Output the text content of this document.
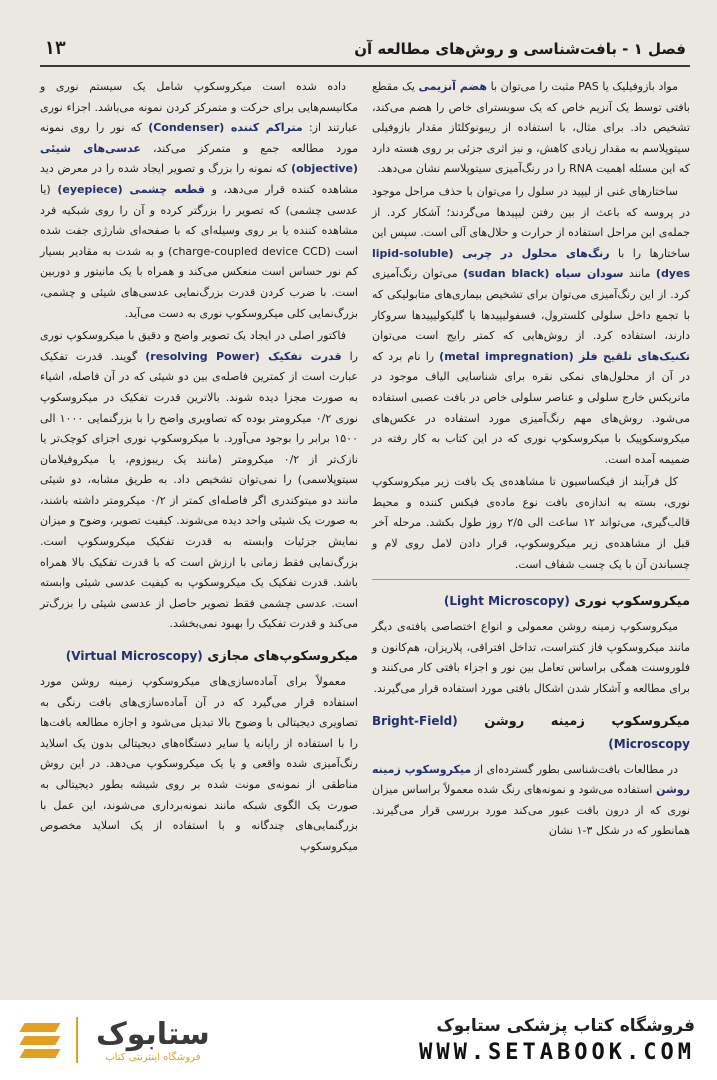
فصل ۱ - بافت‌شناسی و روش‌های مطالعه آن
۱۳

مواد بازوفیلیک یا PAS مثبت را می‌توان با هضم آنزیمی یک مقطع بافتی توسط یک آنزیم خاص که یک سوبسترای خاص را هضم می‌کند، تشخیص داد. برای مثال، با استفاده از ریبونوکلئاز مقدار بازوفیلی سیتوپلاسم به مقدار زیادی کاهش، و نیز اثری جزئی بر روی هسته دارد که این مسئله اهمیت RNA را در رنگ‌آمیزی سیتوپلاسم نشان می‌دهد.

ساختارهای غنی از لیپید در سلول را می‌توان با حذف مراحل موجود در پروسه که باعث از بین رفتن لیپیدها می‌گردند؛ آشکار کرد. از جمله‌ی این مراحل استفاده از حرارت و حلال‌های آلی است. سپس این ساختارها را با رنگ‌های محلول در چربی (lipid-soluble dyes) مانند سودان سیاه (sudan black) می‌توان رنگ‌آمیزی کرد. از این رنگ‌آمیزی می‌توان برای تشخیص بیماری‌های متابولیکی که با تجمع داخل سلولی کلسترول، فسفولیپیدها یا گلیکولیپیدها سروکار دارند، استفاده کرد. از روش‌هایی که کمتر رایج است می‌توان تکنیک‌های تلقیح فلز (metal impregnation) را نام برد که در آن از محلول‌های نمکی نقره برای شناسایی الیاف موجود در ماتریکس خارج سلولی و عناصر سلولی خاص در بافت عصبی استفاده می‌شود. روش‌های مهم رنگ‌آمیزی مورد استفاده در عکس‌های میکروسکوپیک با میکروسکوپ نوری که در این کتاب به کار رفته در ضمیمه آمده است.

کل فرآیند از فیکساسیون تا مشاهده‌ی یک بافت زیر میکروسکوپ نوری، بسته به اندازه‌ی بافت نوع ماده‌ی فیکس کننده و محیط قالب‌گیری، می‌تواند ۱۲ ساعت الی ۲/۵ روز طول بکشد. مرحله آخر قبل از مشاهده‌ی زیر میکروسکوپ، قرار دادن لامل روی لام و چسباندن آن با یک چسب شفاف است.

میکروسکوپ نوری (Light Microscopy)

میکروسکوپ زمینه روشن معمولی و انواع اختصاصی یافته‌ی دیگر مانند میکروسکوپ فاز کنتراست، تداخل افتراقی، پلاریزان، هم‌کانون و فلوروسنت همگی براساس تعامل بین نور و اجزاء بافتی کار می‌کنند و برای مطالعه و آشکار شدن اشکال بافتی مورد استفاده قرار می‌گیرند.

میکروسکوپ زمینه روشن (Bright-Field Microscopy)

در مطالعات بافت‌شناسی بطور گسترده‌ای از میکروسکوپ زمینه روشن استفاده می‌شود و نمونه‌های رنگ شده معمولاً براساس میزان نوری که از درون بافت عبور می‌کند مورد بررسی قرار می‌گیرند. همانطور که در شکل ۳-۱ نشان

داده شده است میکروسکوپ شامل یک سیستم نوری و مکانیسم‌هایی برای حرکت و متمرکز کردن نمونه می‌باشد. اجزاء نوری عبارتند از: متراکم کننده (Condenser) که نور را روی نمونه مورد مطالعه جمع و متمرکز می‌کند، عدسی‌های شیئی (objective) که نمونه را بزرگ و تصویر ایجاد شده را در معرض دید مشاهده کننده قرار می‌دهد، و قطعه چشمی (eyepiece) (یا عدسی چشمی) که تصویر را بزرگتر کرده و آن را روی شبکیه فرد مشاهده کننده یا بر روی وسیله‌ای که با صفحه‌ای شارژی جفت شده است (charge-coupled device CCD) و به شدت به مقادیر بسیار کم نور حساس است منعکس می‌کند و همراه با یک مانیتور و دوربین است. با ضرب کردن قدرت بزرگ‌نمایی عدسی‌های شیئی و چشمی، بزرگ‌نمایی کلی میکروسکوپ نوری به دست می‌آید.

فاکتور اصلی در ایجاد یک تصویر واضح و دقیق با میکروسکوپ نوری را قدرت تفکیک (resolving Power) گویند. قدرت تفکیک عبارت است از کمترین فاصله‌ی بین دو شیئی که در آن فاصله، اشیاء به صورت مجزا دیده شوند. بالاترین قدرت تفکیک در میکروسکوپ نوری ۰/۲ میکرومتر بوده که تصاویری واضح را با بزرگنمایی ۱۰۰۰ الی ۱۵۰۰ برابر را بوجود می‌آورد. با میکروسکوپ نوری اجزای کوچک‌تر یا نازک‌تر از ۰/۲ میکرومتر (مانند یک ریبوزوم، یا میکروفیلامان سیتوپلاسمی) را نمی‌توان تشخیص داد. به طریق مشابه، دو شیئی مانند دو میتوکندری اگر فاصله‌ای کمتر از ۰/۲ میکرومتر داشته باشند، به صورت یک شیئی واحد دیده می‌شوند. کیفیت تصویر، وضوح و میزان نمایش جزئیات وابسته به قدرت تفکیک میکروسکوپ است. بزرگ‌نمایی فقط زمانی با ارزش است که با قدرت تفکیک بالا همراه باشد. قدرت تفکیک یک میکروسکوپ به کیفیت عدسی شیئی وابسته است. عدسی چشمی فقط تصویر حاصل از عدسی شیئی را بزرگ‌تر می‌کند و قدرت تفکیک را بهبود نمی‌بخشد.

میکروسکوپ‌های مجازی (Virtual Microscopy)

معمولاً برای آماده‌سازی‌های میکروسکوپ زمینه روشن مورد استفاده قرار می‌گیرد که در آن آماده‌سازی‌های بافت رنگی به تصاویری دیجیتالی با وضوح بالا تبدیل می‌شود و اجازه مطالعه بافت‌ها را با استفاده از رایانه یا سایر دستگاه‌های دیجیتالی بدون یک اسلاید رنگ‌آمیزی شده واقعی و یا یک میکروسکوپ می‌دهد. در این روش مناطقی از نمونه‌ی مونت شده بر روی شیشه بطور دیجیتالی به صورت یک الگوی شبکه مانند نمونه‌برداری می‌شوند، این عمل با بزرگنمایی‌های چندگانه و با استفاده از یک اسلاید مخصوص میکروسکوپ

ستابوک
فروشگاه اینترنتی کتاب
فروشگاه کتاب پزشکی ستابوک
WWW.SETABOOK.COM
